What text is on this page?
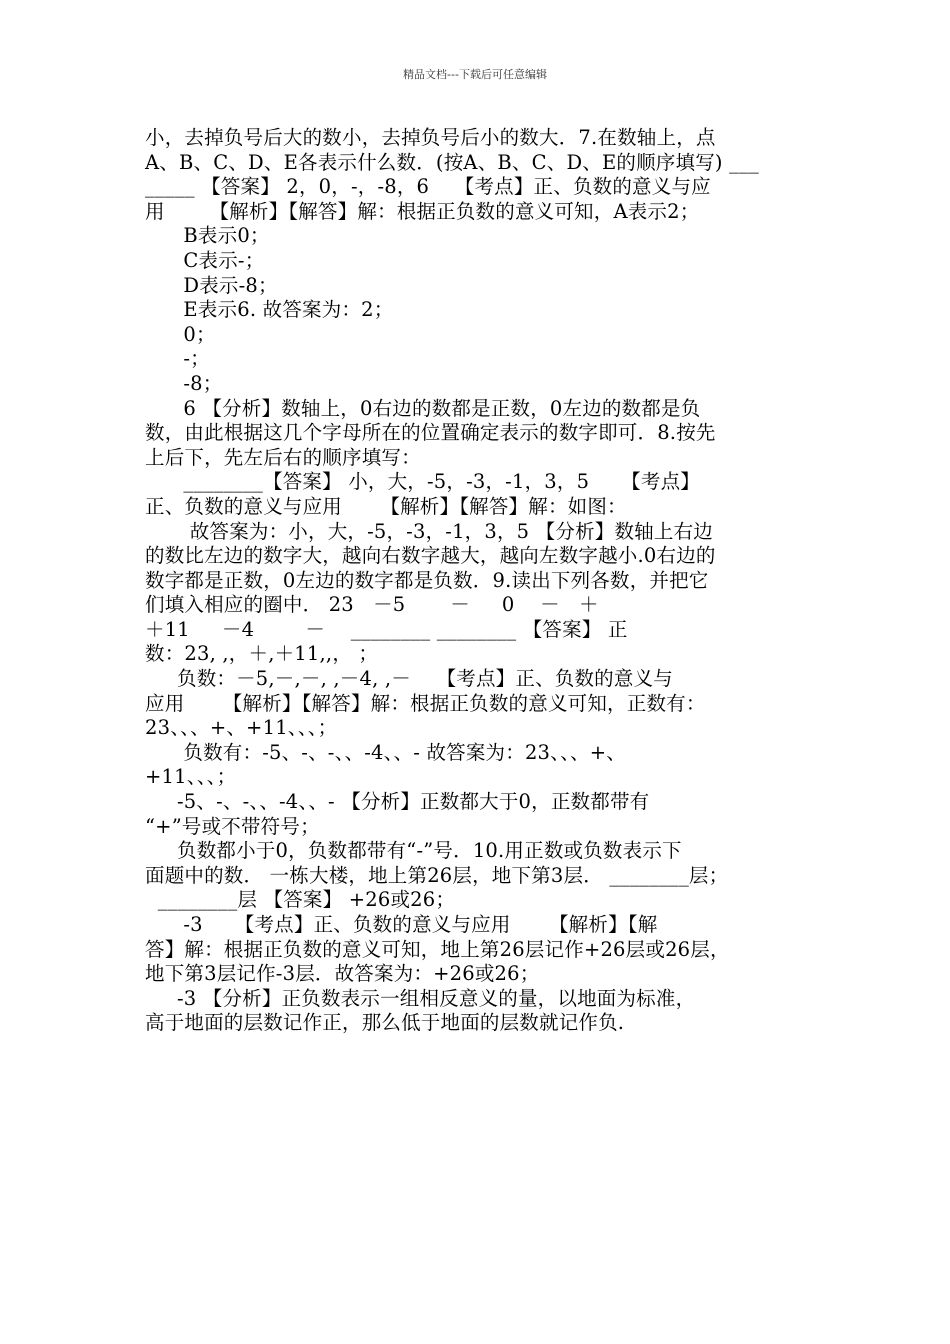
精品文档---下载后可任意编辑
小，去掉负号后大的数小，去掉负号后小的数大．7.在数轴上，点
A、B、C、D、E各表示什么数．(按A、B、C、D、E的顺序填写) ___
_____ 【答案】 2，0，-，-8，6    【考点】正、负数的意义与应
用       【解析】【解答】解：根据正负数的意义可知，A表示2；
B表示0；
C表示-；
D表示-8；
E表示6. 故答案为：2；
0；
-；
-8；
6 【分析】数轴上，0右边的数都是正数，0左边的数都是负
数，由此根据这几个字母所在的位置确定表示的数字即可．8.按先
上后下，先左后右的顺序填写：
________【答案】 小，大，-5，-3，-1，3，5     【考点】
正、负数的意义与应用      【解析】【解答】解：如图：
故答案为：小，大，-5，-3，-1，3，5 【分析】数轴上右边
的数比左边的数字大，越向右数字越大，越向左数字越小.0右边的
数字都是正数，0左边的数字都是负数．9.读出下列各数，并把它
们填入相应的圈中． 23   －5       －     0    －   ＋
＋11     －4        －    ________ ________ 【答案】 正
数：23, ,，＋,＋11,,， ；
负数：－5,－,－, ,－4, ,－    【考点】正、负数的意义与
应用      【解析】【解答】解：根据正负数的意义可知，正数有：
23、、、+、+11、、、；
负数有：-5、-、-、、-4、、- 故答案为：23、、、+、
+11、、、；
-5、-、-、、-4、、- 【分析】正数都大于0，正数都带有
“+”号或不带符号；
负数都小于0，负数都带有“-”号．10.用正数或负数表示下
面题中的数． 一栋大楼，地上第26层，地下第3层． ________层；
________层 【答案】 +26或26；
-3     【考点】正、负数的意义与应用      【解析】【解
答】解：根据正负数的意义可知，地上第26层记作+26层或26层，
地下第3层记作-3层．故答案为：+26或26；
-3 【分析】正负数表示一组相反意义的量，以地面为标准，
高于地面的层数记作正，那么低于地面的层数就记作负.
